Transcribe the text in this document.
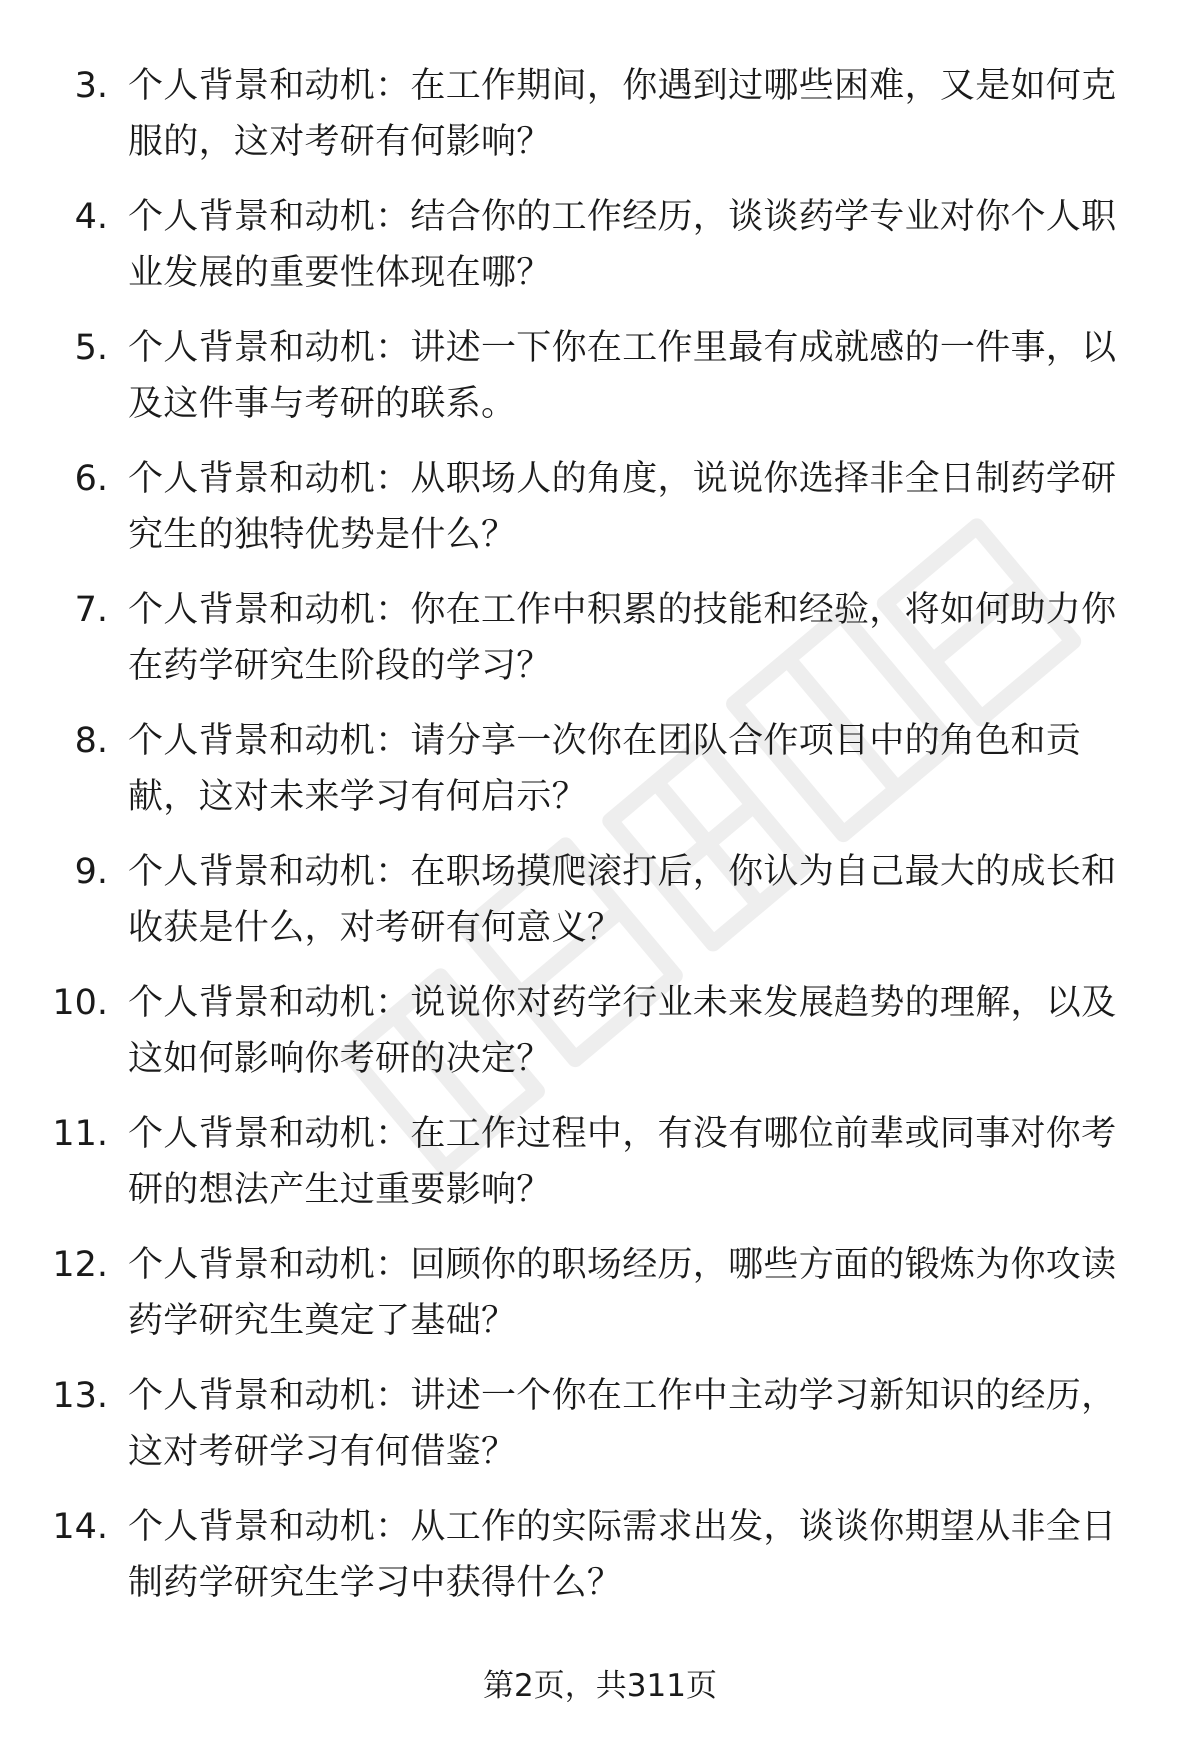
3. 个人背景和动机：在工作期间，你遇到过哪些困难，又是如何克服的，这对考研有何影响？
4. 个人背景和动机：结合你的工作经历，谈谈药学专业对你个人职业发展的重要性体现在哪？
5. 个人背景和动机：讲述一下你在工作里最有成就感的一件事，以及这件事与考研的联系。
6. 个人背景和动机：从职场人的角度，说说你选择非全日制药学研究生的独特优势是什么？
7. 个人背景和动机：你在工作中积累的技能和经验，将如何助力你在药学研究生阶段的学习？
8. 个人背景和动机：请分享一次你在团队合作项目中的角色和贡献，这对未来学习有何启示？
9. 个人背景和动机：在职场摸爬滚打后，你认为自己最大的成长和收获是什么，对考研有何意义？
10. 个人背景和动机：说说你对药学行业未来发展趋势的理解，以及这如何影响你考研的决定？
11. 个人背景和动机：在工作过程中，有没有哪位前辈或同事对你考研的想法产生过重要影响？
12. 个人背景和动机：回顾你的职场经历，哪些方面的锻炼为你攻读药学研究生奠定了基础？
13. 个人背景和动机：讲述一个你在工作中主动学习新知识的经历，这对考研学习有何借鉴？
14. 个人背景和动机：从工作的实际需求出发，谈谈你期望从非全日制药学研究生学习中获得什么？
第2页，共311页
